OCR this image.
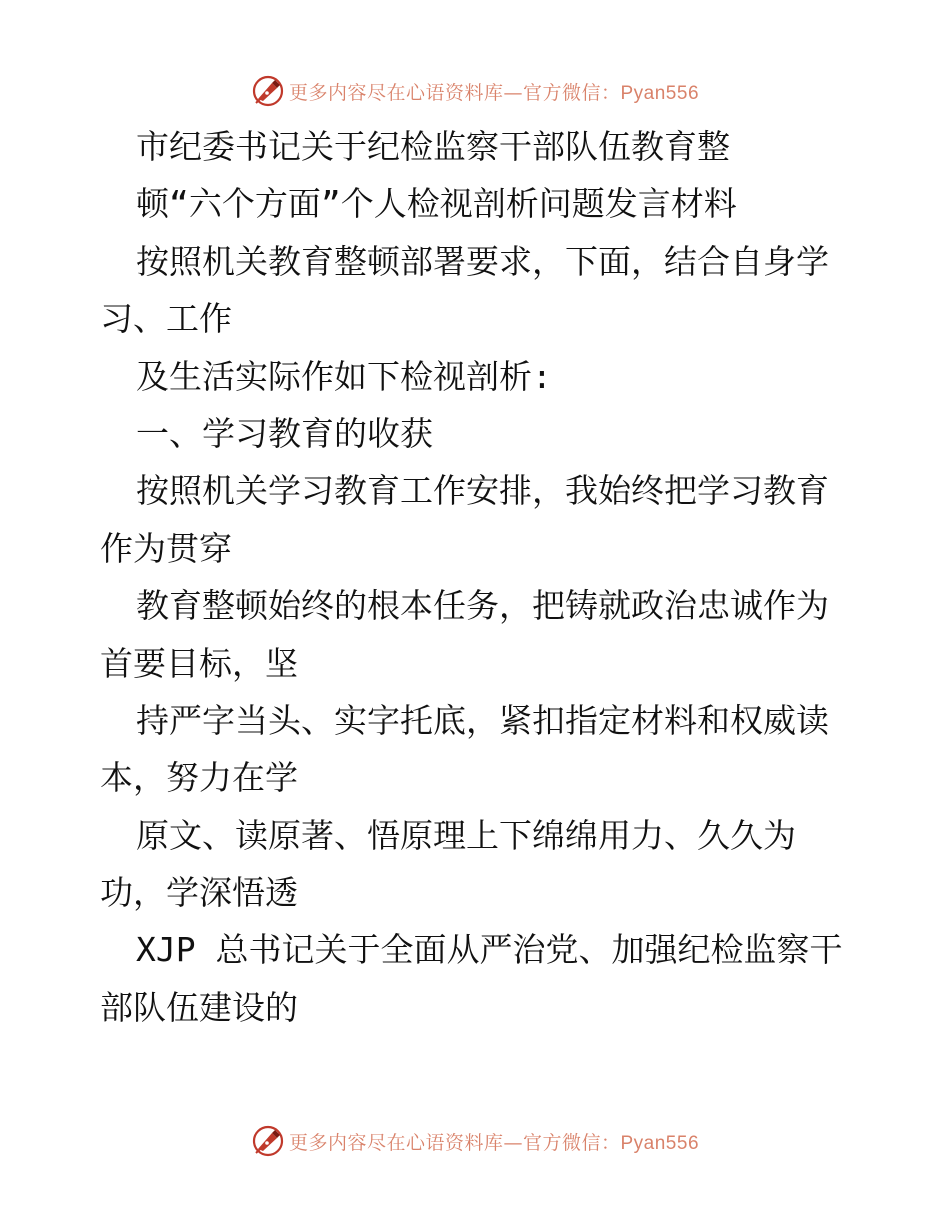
更多内容尽在心语资料库—官方微信：Pyan556
市纪委书记关于纪检监察干部队伍教育整
顿“六个方面”个人检视剖析问题发言材料
按照机关教育整顿部署要求，下面，结合自身学
习、工作
及生活实际作如下检视剖析:
一、学习教育的收获
按照机关学习教育工作安排，我始终把学习教育
作为贯穿
教育整顿始终的根本任务，把铸就政治忠诚作为
首要目标，坚
持严字当头、实字托底，紧扣指定材料和权威读
本，努力在学
原文、读原著、悟原理上下绵绵用力、久久为
功，学深悟透
XJP 总书记关于全面从严治党、加强纪检监察干
部队伍建设的
更多内容尽在心语资料库—官方微信：Pyan556
